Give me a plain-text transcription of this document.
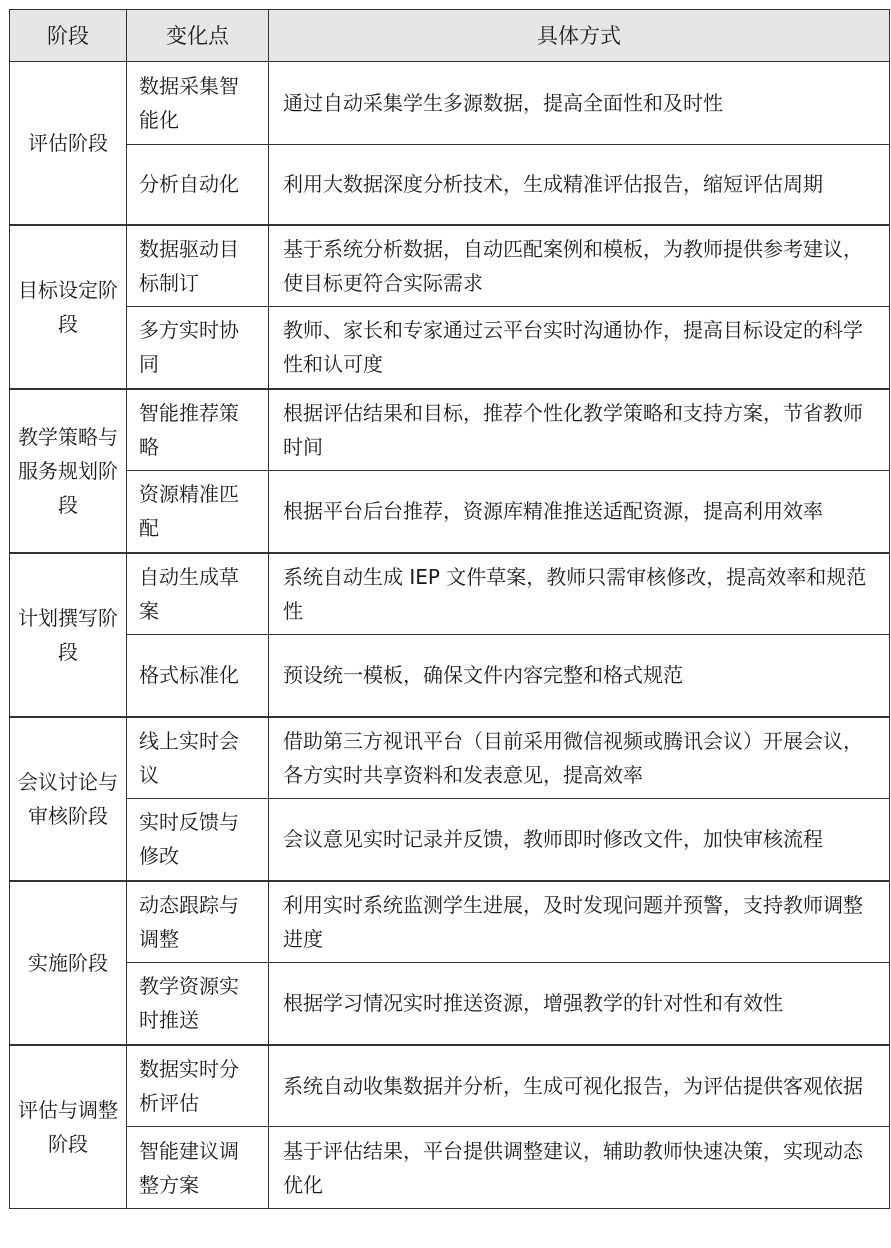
阶段	变化点	具体方式
评估阶段	数据采集智能化	通过自动采集学生多源数据，提高全面性和及时性
	分析自动化	利用大数据深度分析技术，生成精准评估报告，缩短评估周期
目标设定阶段	数据驱动目标制订	基于系统分析数据，自动匹配案例和模板，为教师提供参考建议，使目标更符合实际需求
	多方实时协同	教师、家长和专家通过云平台实时沟通协作，提高目标设定的科学性和认可度
教学策略与服务规划阶段	智能推荐策略	根据评估结果和目标，推荐个性化教学策略和支持方案，节省教师时间
	资源精准匹配	根据平台后台推荐，资源库精准推送适配资源，提高利用效率
计划撰写阶段	自动生成草案	系统自动生成 IEP 文件草案，教师只需审核修改，提高效率和规范性
	格式标准化	预设统一模板，确保文件内容完整和格式规范
会议讨论与审核阶段	线上实时会议	借助第三方视讯平台（目前采用微信视频或腾讯会议）开展会议，各方实时共享资料和发表意见，提高效率
	实时反馈与修改	会议意见实时记录并反馈，教师即时修改文件，加快审核流程
实施阶段	动态跟踪与调整	利用实时系统监测学生进展，及时发现问题并预警，支持教师调整进度
	教学资源实时推送	根据学习情况实时推送资源，增强教学的针对性和有效性
评估与调整阶段	数据实时分析评估	系统自动收集数据并分析，生成可视化报告，为评估提供客观依据
	智能建议调整方案	基于评估结果，平台提供调整建议，辅助教师快速决策，实现动态优化
